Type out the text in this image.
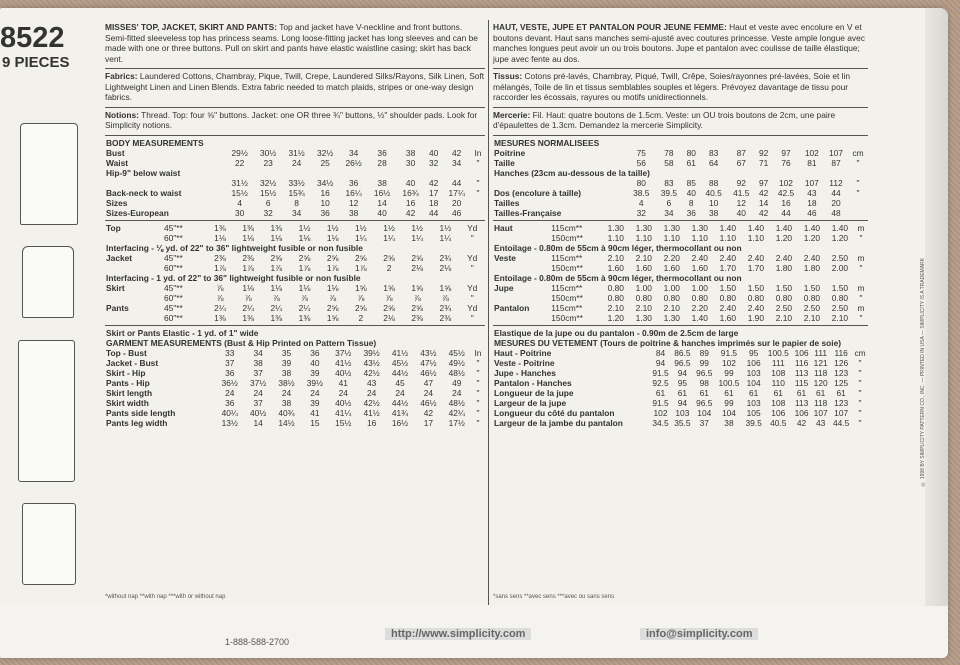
8522
9 PIECES

MISSES' TOP, JACKET, SKIRT AND PANTS: Top and jacket have V-neckline and front buttons. Semi-fitted sleeveless top has princess seams. Long loose-fitting jacket has long sleeves and can be made with one or three buttons. Pull on skirt and pants have elastic waistline casing; skirt has back vent.

Fabrics: Laundered Cottons, Chambray, Pique, Twill, Crepe, Laundered Silks/Rayons, Silk Linen, Soft Lightweight Linen and Linen Blends. Extra fabric needed to match plaids, stripes or one-way design fabrics.

Notions: Thread. Top: four ⅝" buttons. Jacket: one OR three ¾" buttons, ½" shoulder pads. Look for Simplicity notions.

BODY MEASUREMENTS										
Bust	29½	30½	31½	32½	34	36	38	40	42	In
Waist	22	23	24	25	26½	28	30	32	34	"
Hip-9" below waist										
	31½	32½	33½	34½	36	38	40	42	44	"
Back-neck to waist	15½	15½	15¾	16	16¼	16½	16¾	17	17¼	"
Sizes	4	6	8	10	12	14	16	18	20	
Sizes-European	30	32	34	36	38	40	42	44	46	
Top	45"**	1⅜	1⅜	1⅜	1½	1½	1½	1½	1½	1½	Yd
	60"**	1⅛	1⅛	1⅛	1⅛	1⅛	1¼	1¼	1¼	1¼	"
Interfacing - ⅛ yd. of 22" to 36" lightweight fusible or non fusible											
Jacket	45"**	2⅜	2⅜	2⅝	2⅝	2⅝	2⅝	2⅝	2⅝	2¾	Yd
	60"**	1⅞	1⅞	1⅞	1⅞	1⅞	1⅞	2	2⅛	2⅛	"
Interfacing - 1 yd. of 22" to 36" lightweight fusible or non fusible											
Skirt	45"**	⅞	1⅛	1⅛	1⅛	1⅛	1⅝	1⅝	1⅝	1⅝	Yd
	60"**	⅞	⅞	⅞	⅞	⅞	⅞	⅞	⅞	⅞	"
Pants	45"**	2¼	2¼	2¼	2¼	2⅝	2⅝	2⅝	2⅝	2¾	Yd
	60"**	1⅜	1⅜	1⅜	1⅜	1⅝	2	2⅛	2⅜	2⅜	"
Skirt or Pants Elastic - 1 yd. of 1" wide										
GARMENT MEASUREMENTS (Bust & Hip Printed on Pattern Tissue)										
Top - Bust	33	34	35	36	37½	39½	41½	43½	45½	In
Jacket - Bust	37	38	39	40	41½	43½	45½	47½	49½	"
Skirt - Hip	36	37	38	39	40½	42½	44½	46½	48½	"
Pants - Hip	36½	37½	38½	39½	41	43	45	47	49	"
Skirt length	24	24	24	24	24	24	24	24	24	"
Skirt width	36	37	38	39	40½	42½	44½	46½	48½	"
Pants side length	40¼	40½	40¾	41	41¼	41½	41¾	42	42¼	"
Pants leg width	13½	14	14½	15	15½	16	16½	17	17½	"

HAUT, VESTE, JUPE ET PANTALON POUR JEUNE FEMME: Haut et veste avec encolure en V et boutons devant. Haut sans manches semi-ajusté avec coutures princesse. Veste ample longue avec manches longues peut avoir un ou trois boutons. Jupe et pantalon avec coulisse de taille élastique; jupe avec fente au dos.

Tissus: Cotons pré-lavés, Chambray, Piqué, Twill, Crêpe, Soies/rayonnes pré-lavées, Soie et lin mélangés, Toile de lin et tissus semblables souples et légers. Prévoyez davantage de tissu pour raccorder les écossais, rayures ou motifs unidirectionnels.

Mercerie: Fil. Haut: quatre boutons de 1.5cm. Veste: un OU trois boutons de 2cm, une paire d'épaulettes de 1.3cm. Demandez la mercerie Simplicity.

MESURES NORMALISEES										
Poitrine	75	78	80	83	87	92	97	102	107	cm
Taille	56	58	61	64	67	71	76	81	87	"
Hanches (23cm au-dessous de la taille)										
	80	83	85	88	92	97	102	107	112	"
Dos (encolure à taille)	38.5	39.5	40	40.5	41.5	42	42.5	43	44	"
Tailles	4	6	8	10	12	14	16	18	20	
Tailles-Française	32	34	36	38	40	42	44	46	48	
Haut	115cm**	1.30	1.30	1.30	1.30	1.40	1.40	1.40	1.40	1.40	m
	150cm**	1.10	1.10	1.10	1.10	1.10	1.10	1.20	1.20	1.20	"
Entoilage - 0.80m de 55cm à 90cm léger, thermocollant ou non											
Veste	115cm**	2.10	2.10	2.20	2.40	2.40	2.40	2.40	2.40	2.50	m
	150cm**	1.60	1.60	1.60	1.60	1.70	1.70	1.80	1.80	2.00	"
Entoilage - 0.80m de 55cm à 90cm léger, thermocollant ou non											
Jupe	115cm**	0.80	1.00	1.00	1.00	1.50	1.50	1.50	1.50	1.50	m
	150cm**	0.80	0.80	0.80	0.80	0.80	0.80	0.80	0.80	0.80	"
Pantalon	115cm**	2.10	2.10	2.10	2.20	2.40	2.40	2.50	2.50	2.50	m
	150cm**	1.20	1.30	1.30	1.40	1.60	1.90	2.10	2.10	2.10	"
Elastique de la jupe ou du pantalon - 0.90m de 2.5cm de large										
MESURES DU VETEMENT (Tours de poitrine & hanches imprimés sur le papier de soie)										
Haut - Poitrine	84	86.5	89	91.5	95	100.5	106	111	116	cm
Veste - Poitrine	94	96.5	99	102	106	111	116	121	126	"
Jupe - Hanches	91.5	94	96.5	99	103	108	113	118	123	"
Pantalon - Hanches	92.5	95	98	100.5	104	110	115	120	125	"
Longueur de la jupe	61	61	61	61	61	61	61	61	61	"
Largeur de la jupe	91.5	94	96.5	99	103	108	113	118	123	"
Longueur du côté du pantalon	102	103	104	104	105	106	106	107	107	"
Largeur de la jambe du pantalon	34.5	35.5	37	38	39.5	40.5	42	43	44.5	"
*without nap **with nap ***with or without nap	*sans sens **avec sens ***avec ou sans sens
© 1998 BY SIMPLICITY PATTERN CO., INC. — PRINTED IN USA — SIMPLICITY IS A TRADEMARK
1-888-588-2700
http://www.simplicity.com	info@simplicity.com
